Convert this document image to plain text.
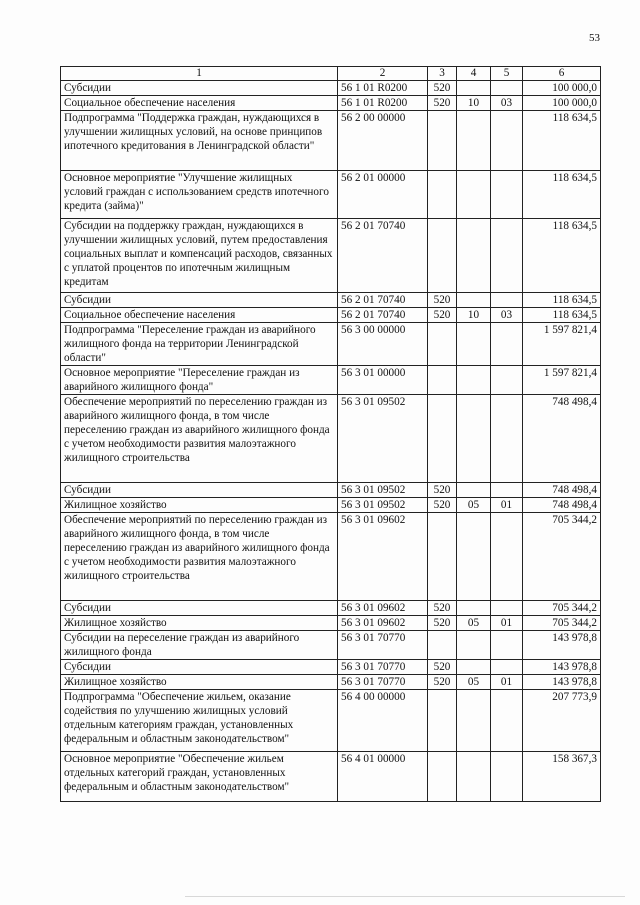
53
1	2	3	4	5	6
Субсидии	56 1 01 R0200	520			100 000,0
Социальное обеспечение населения	56 1 01 R0200	520	10	03	100 000,0
Подпрограмма "Поддержка граждан, нуждающихся в улучшении жилищных условий, на основе принципов ипотечного кредитования в Ленинградской области"	56 2 00 00000				118 634,5
Основное мероприятие "Улучшение жилищных условий граждан с использованием средств ипотечного кредита (займа)"	56 2 01 00000				118 634,5
Субсидии на поддержку граждан, нуждающихся в улучшении жилищных условий, путем предоставления социальных выплат и компенсаций расходов, связанных с уплатой процентов по ипотечным жилищным кредитам	56 2 01 70740				118 634,5
Субсидии	56 2 01 70740	520			118 634,5
Социальное обеспечение населения	56 2 01 70740	520	10	03	118 634,5
Подпрограмма "Переселение граждан из аварийного жилищного фонда на территории Ленинградской области"	56 3 00 00000				1 597 821,4
Основное мероприятие "Переселение граждан из аварийного жилищного фонда"	56 3 01 00000				1 597 821,4
Обеспечение мероприятий по переселению граждан из аварийного жилищного фонда, в том числе переселению граждан из аварийного жилищного фонда с учетом необходимости развития малоэтажного жилищного строительства	56 3 01 09502				748 498,4
Субсидии	56 3 01 09502	520			748 498,4
Жилищное хозяйство	56 3 01 09502	520	05	01	748 498,4
Обеспечение мероприятий по переселению граждан из аварийного жилищного фонда, в том числе переселению граждан из аварийного жилищного фонда с учетом необходимости развития малоэтажного жилищного строительства	56 3 01 09602				705 344,2
Субсидии	56 3 01 09602	520			705 344,2
Жилищное хозяйство	56 3 01 09602	520	05	01	705 344,2
Субсидии на переселение граждан из аварийного жилищного фонда	56 3 01 70770				143 978,8
Субсидии	56 3 01 70770	520			143 978,8
Жилищное хозяйство	56 3 01 70770	520	05	01	143 978,8
Подпрограмма "Обеспечение жильем, оказание содействия по улучшению жилищных условий отдельным категориям граждан, установленных федеральным и областным законодательством"	56 4 00 00000				207 773,9
Основное мероприятие "Обеспечение жильем отдельных категорий граждан, установленных федеральным и областным законодательством"	56 4 01 00000				158 367,3
